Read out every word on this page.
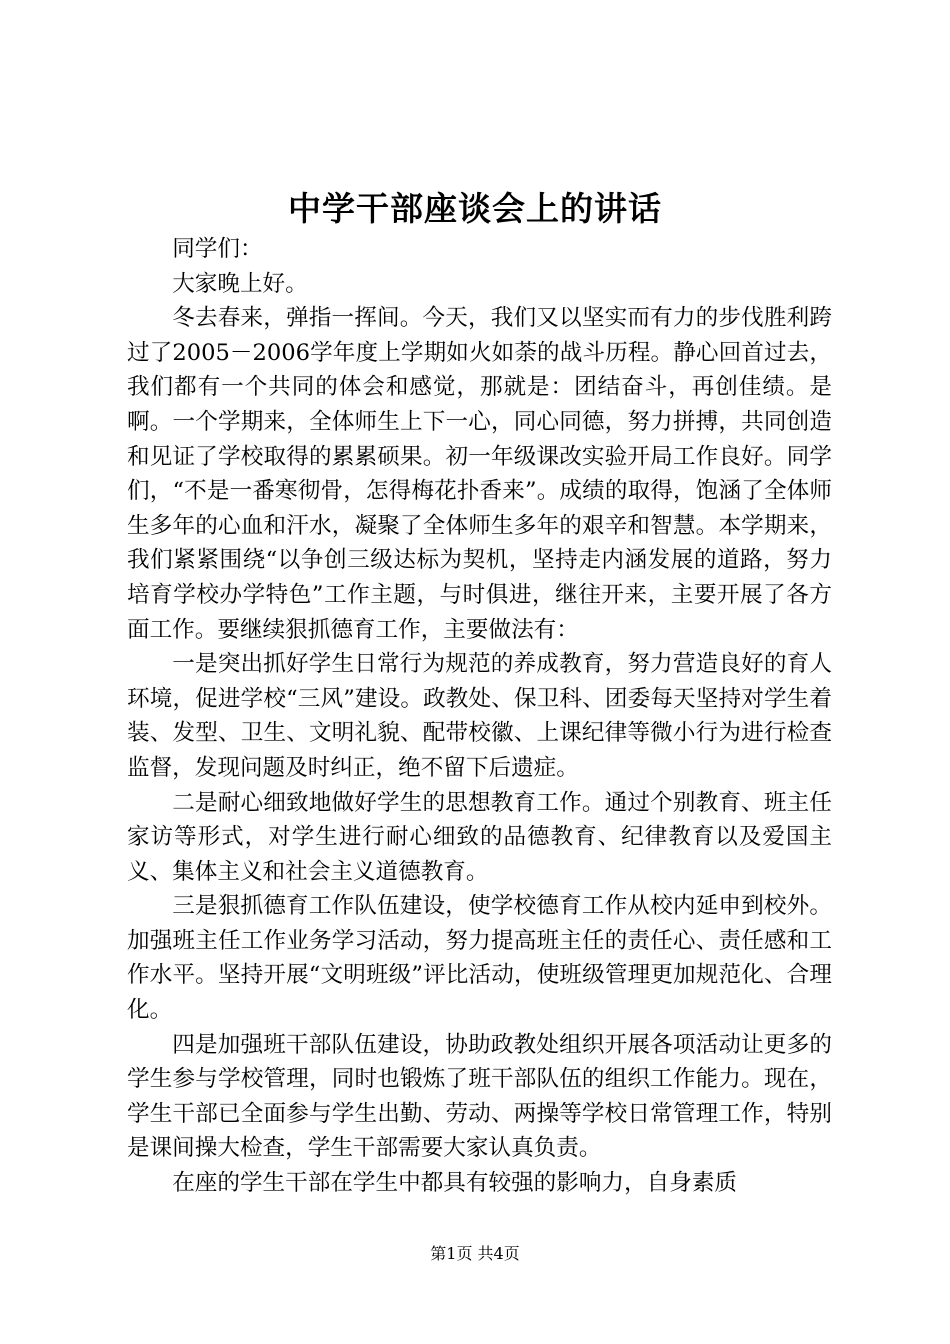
中学干部座谈会上的讲话

同学们：

大家晚上好。

冬去春来，弹指一挥间。今天，我们又以坚实而有力的步伐胜利跨过了2005－2006学年度上学期如火如荼的战斗历程。静心回首过去，我们都有一个共同的体会和感觉，那就是：团结奋斗，再创佳绩。是啊。一个学期来，全体师生上下一心，同心同德，努力拼搏，共同创造和见证了学校取得的累累硕果。初一年级课改实验开局工作良好。同学们，“不是一番寒彻骨，怎得梅花扑香来”。成绩的取得，饱涵了全体师生多年的心血和汗水，凝聚了全体师生多年的艰辛和智慧。本学期来，我们紧紧围绕“以争创三级达标为契机，坚持走内涵发展的道路，努力培育学校办学特色”工作主题，与时俱进，继往开来，主要开展了各方面工作。要继续狠抓德育工作，主要做法有：

一是突出抓好学生日常行为规范的养成教育，努力营造良好的育人环境，促进学校“三风”建设。政教处、保卫科、团委每天坚持对学生着装、发型、卫生、文明礼貌、配带校徽、上课纪律等微小行为进行检查监督，发现问题及时纠正，绝不留下后遗症。

二是耐心细致地做好学生的思想教育工作。通过个别教育、班主任家访等形式，对学生进行耐心细致的品德教育、纪律教育以及爱国主义、集体主义和社会主义道德教育。

三是狠抓德育工作队伍建设，使学校德育工作从校内延申到校外。加强班主任工作业务学习活动，努力提高班主任的责任心、责任感和工作水平。坚持开展“文明班级”评比活动，使班级管理更加规范化、合理化。

四是加强班干部队伍建设，协助政教处组织开展各项活动让更多的学生参与学校管理，同时也锻炼了班干部队伍的组织工作能力。现在，学生干部已全面参与学生出勤、劳动、两操等学校日常管理工作，特别是课间操大检查，学生干部需要大家认真负责。

在座的学生干部在学生中都具有较强的影响力，自身素质

第1页 共4页
